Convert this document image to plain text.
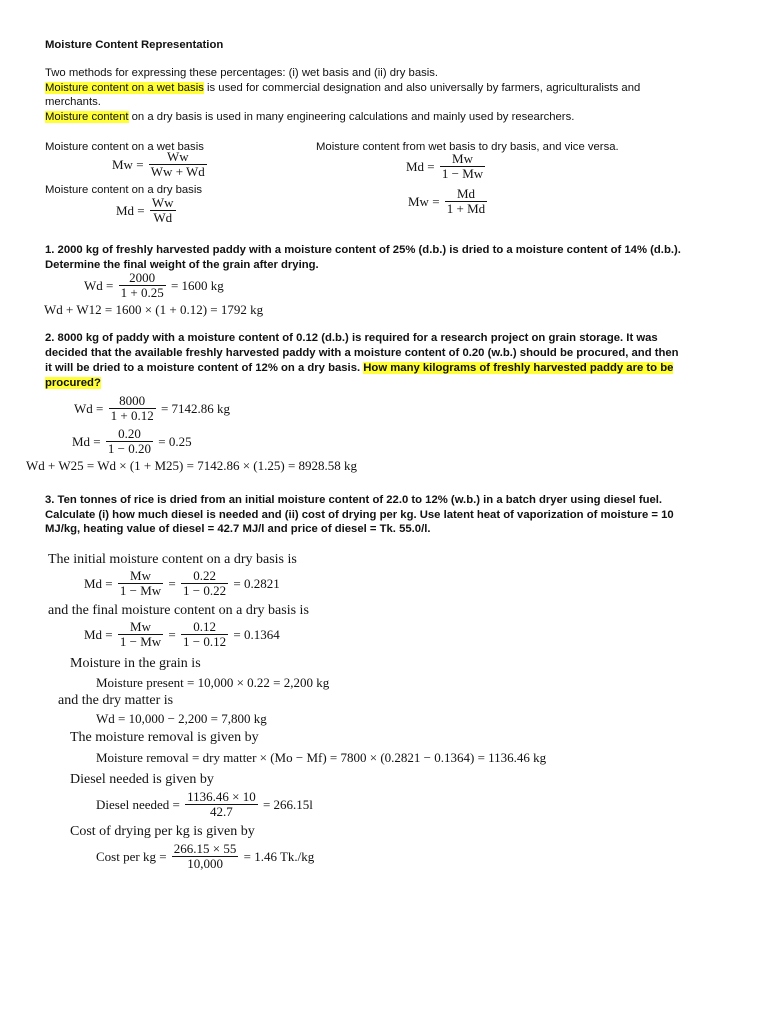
Moisture Content Representation
Two methods for expressing these percentages: (i) wet basis and (ii) dry basis.
Moisture content on a wet basis is used for commercial designation and also universally by farmers, agriculturalists and
merchants.
Moisture content on a dry basis is used in many engineering calculations and mainly used by researchers.
Moisture content on a wet basis	Moisture content from wet basis to dry basis, and vice versa.
$Mw = \frac{Ww}{Ww + Wd}$	$Md = \frac{Mw}{1 - Mw}$
Moisture content on a dry basis
$Md = \frac{Ww}{Wd}$	$Mw = \frac{Md}{1 + Md}$
1. 2000 kg of freshly harvested paddy with a moisture content of 25% (d.b.) is dried to a moisture content of 14% (d.b.).
Determine the final weight of the grain after drying.
$Wd = \frac{2000}{1 + 0.25} = 1600$ kg
Wd + W12 = 1600 × (1 + 0.12) = 1792 kg
2. 8000 kg of paddy with a moisture content of 0.12 (d.b.) is required for a research project on grain storage. It was
decided that the available freshly harvested paddy with a moisture content of 0.20 (w.b.) should be procured, and then
it will be dried to a moisture content of 12% on a dry basis. How many kilograms of freshly harvested paddy are to be
procured?
$Wd = \frac{8000}{1 + 0.12} = 7142.86$ kg
$Md = \frac{0.20}{1 - 0.20} = 0.25$
Wd + W25 = Wd × (1 + M25) = 7142.86 × (1.25) = 8928.58 kg
3. Ten tonnes of rice is dried from an initial moisture content of 22.0 to 12% (w.b.) in a batch dryer using diesel fuel.
Calculate (i) how much diesel is needed and (ii) cost of drying per kg. Use latent heat of vaporization of moisture = 10
MJ/kg, heating value of diesel = 42.7 MJ/l and price of diesel = Tk. 55.0/l.
The initial moisture content on a dry basis is
$Md = \frac{Mw}{1 - Mw} = \frac{0.22}{1 - 0.22} = 0.2821$
and the final moisture content on a dry basis is
$Md = \frac{Mw}{1 - Mw} = \frac{0.12}{1 - 0.12} = 0.1364$
Moisture in the grain is
Moisture present = 10,000 × 0.22 = 2,200 kg
and the dry matter is
Wd = 10,000 − 2,200 = 7,800 kg
The moisture removal is given by
Moisture removal = dry matter × (Mo − Mf) = 7800 × (0.2821 − 0.1364) = 1136.46 kg
Diesel needed is given by
Diesel needed = $\frac{1136.46 \times 10}{42.7} = 266.15l$
Cost of drying per kg is given by
Cost per kg = $\frac{266.15 \times 55}{10,000} = 1.46$ Tk./kg
